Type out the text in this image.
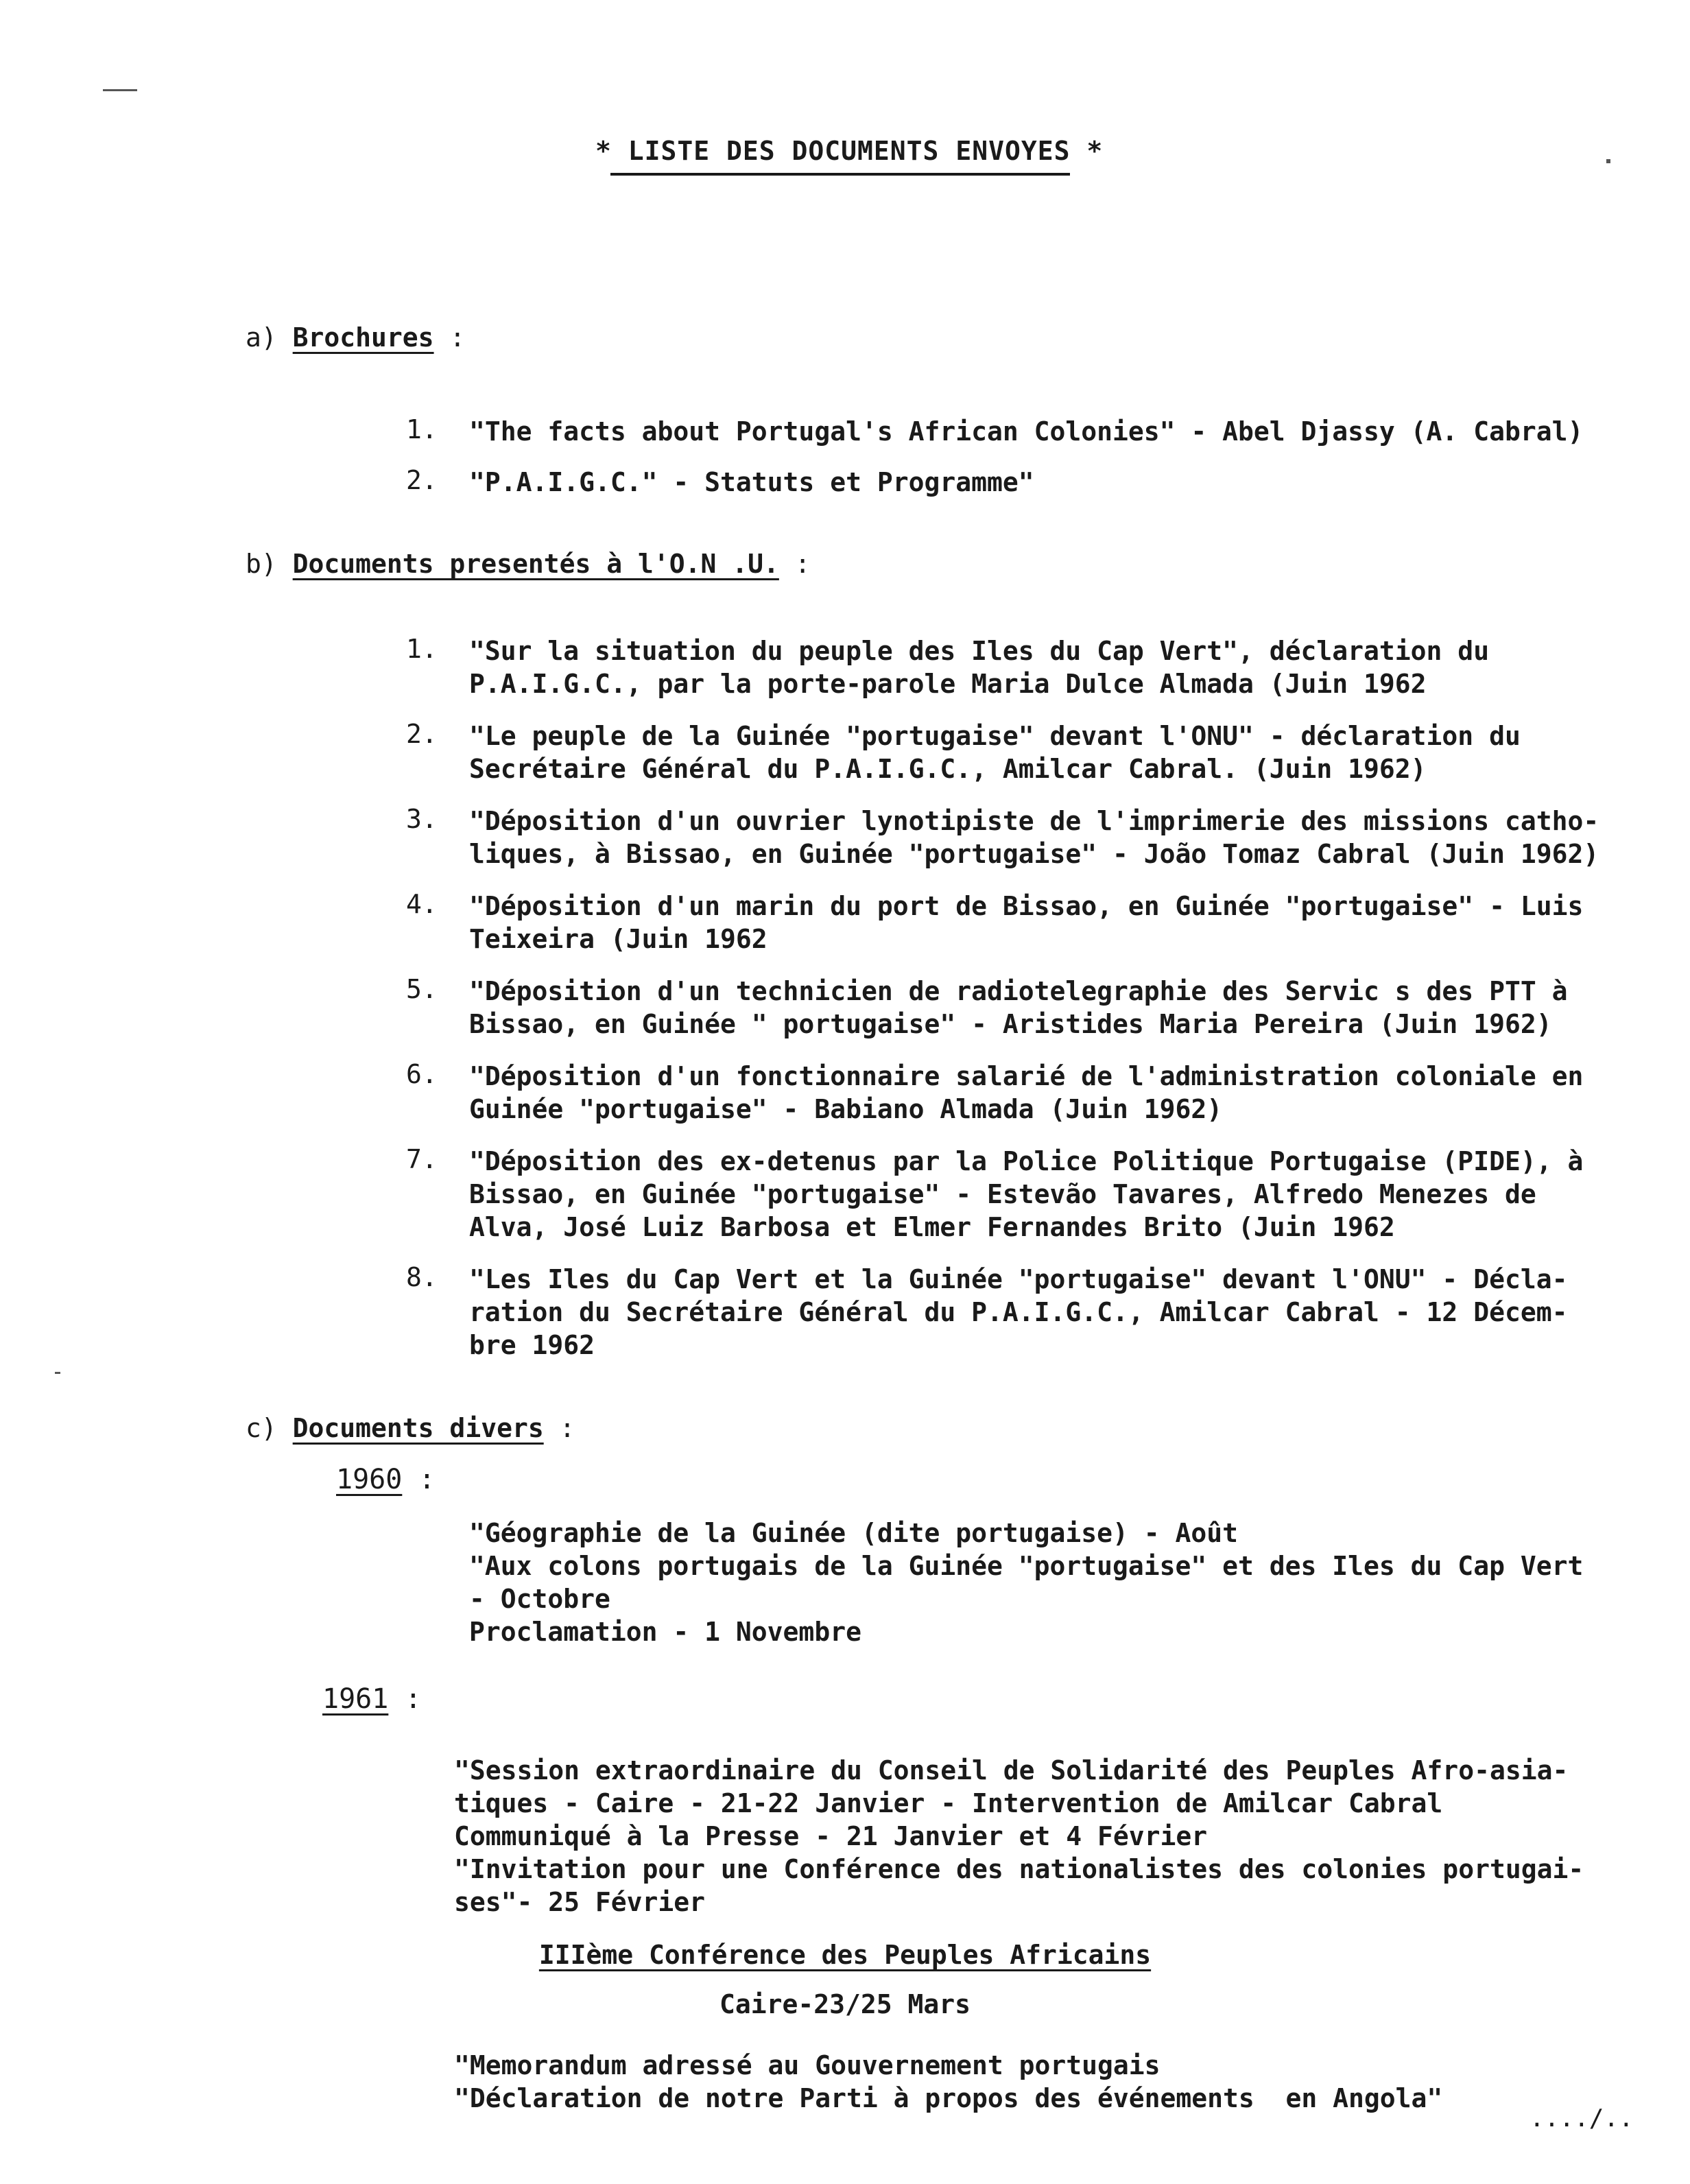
* LISTE DES DOCUMENTS ENVOYES *
a) Brochures :
1. "The facts about Portugal's African Colonies" - Abel Djassy (A. Cabral)
2. "P.A.I.G.C." - Statuts et Programme"
b) Documents presentés à l'O.N .U. :
1. "Sur la situation du peuple des Iles du Cap Vert", déclaration du
P.A.I.G.C., par la porte-parole Maria Dulce Almada (Juin 1962
2. "Le peuple de la Guinée "portugaise" devant l'ONU" - déclaration du
Secrétaire Général du P.A.I.G.C., Amilcar Cabral. (Juin 1962)
3. "Déposition d'un ouvrier lynotipiste de l'imprimerie des missions catho-
liques, à Bissao, en Guinée "portugaise" - João Tomaz Cabral (Juin 1962)
4. "Déposition d'un marin du port de Bissao, en Guinée "portugaise" - Luis
Teixeira (Juin 1962
5. "Déposition d'un technicien de radiotelegraphie des Servic s des PTT à
Bissao, en Guinée " portugaise" - Aristides Maria Pereira (Juin 1962)
6. "Déposition d'un fonctionnaire salarié de l'administration coloniale en
Guinée "portugaise" - Babiano Almada (Juin 1962)
7. "Déposition des ex-detenus par la Police Politique Portugaise (PIDE), à
Bissao, en Guinée "portugaise" - Estevão Tavares, Alfredo Menezes de
Alva, José Luiz Barbosa et Elmer Fernandes Brito (Juin 1962
8. "Les Iles du Cap Vert et la Guinée "portugaise" devant l'ONU" - Décla-
ration du Secrétaire Général du P.A.I.G.C., Amilcar Cabral - 12 Décem-
bre 1962
c) Documents divers :
1960 :
"Géographie de la Guinée (dite portugaise) - Août
"Aux colons portugais de la Guinée "portugaise" et des Iles du Cap Vert
- Octobre
Proclamation - 1 Novembre
1961 :
"Session extraordinaire du Conseil de Solidarité des Peuples Afro-asia-
tiques - Caire - 21-22 Janvier - Intervention de Amilcar Cabral
Communiqué à la Presse - 21 Janvier et 4 Février
"Invitation pour une Conférence des nationalistes des colonies portugai-
ses"- 25 Février
IIIème Conférence des Peuples Africains
Caire-23/25 Mars
"Memorandum adressé au Gouvernement portugais
"Déclaration de notre Parti à propos des événements  en Angola"
..../..
